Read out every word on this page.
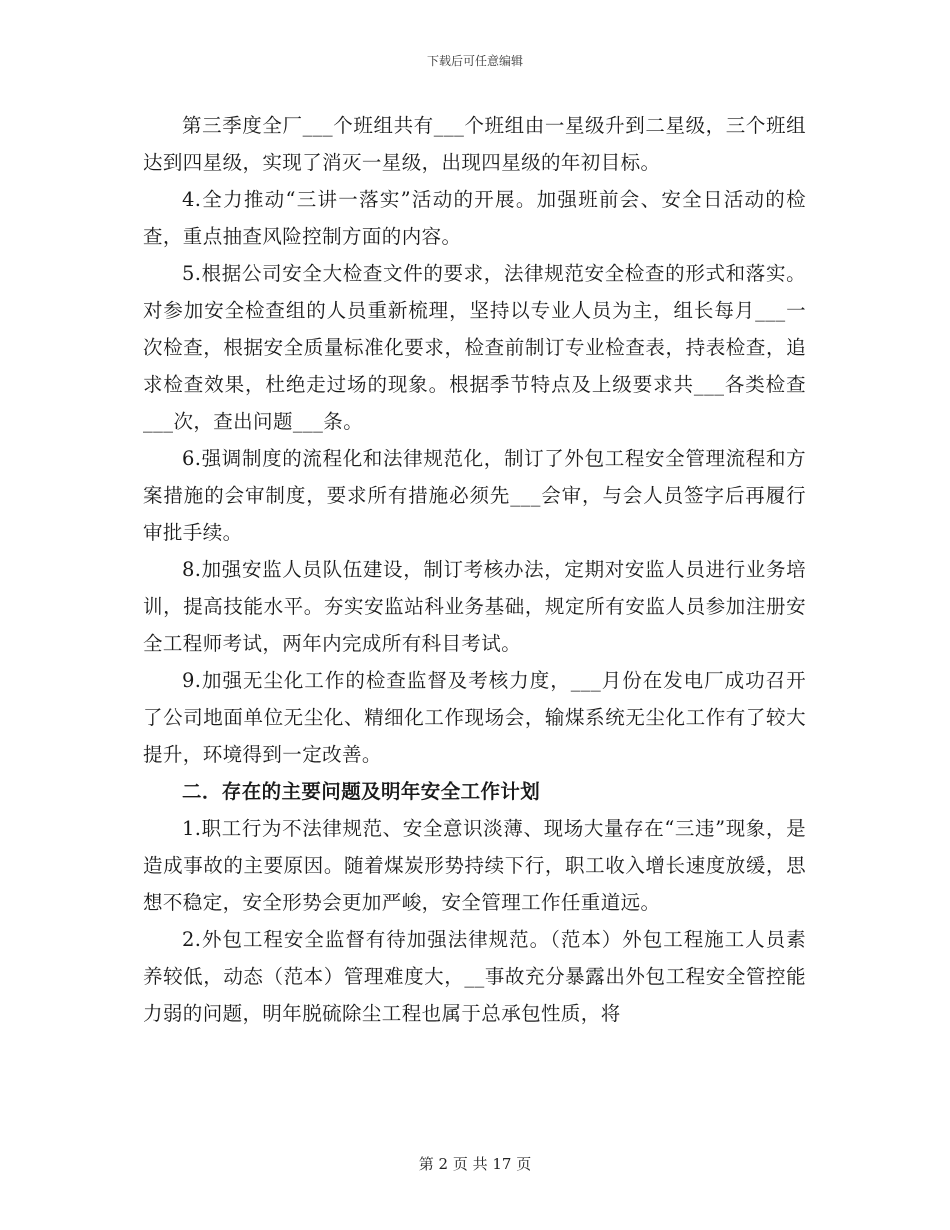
下载后可任意编辑

第三季度全厂___个班组共有___个班组由一星级升到二星级，三个班组达到四星级，实现了消灭一星级，出现四星级的年初目标。

4.全力推动“三讲一落实”活动的开展。加强班前会、安全日活动的检查，重点抽查风险控制方面的内容。

5.根据公司安全大检查文件的要求，法律规范安全检查的形式和落实。对参加安全检查组的人员重新梳理，坚持以专业人员为主，组长每月___一次检查，根据安全质量标准化要求，检查前制订专业检查表，持表检查，追求检查效果，杜绝走过场的现象。根据季节特点及上级要求共___各类检查___次，查出问题___条。

6.强调制度的流程化和法律规范化，制订了外包工程安全管理流程和方案措施的会审制度，要求所有措施必须先___会审，与会人员签字后再履行审批手续。

8.加强安监人员队伍建设，制订考核办法，定期对安监人员进行业务培训，提高技能水平。夯实安监站科业务基础，规定所有安监人员参加注册安全工程师考试，两年内完成所有科目考试。

9.加强无尘化工作的检查监督及考核力度，___月份在发电厂成功召开了公司地面单位无尘化、精细化工作现场会，输煤系统无尘化工作有了较大提升，环境得到一定改善。

二．存在的主要问题及明年安全工作计划

1.职工行为不法律规范、安全意识淡薄、现场大量存在“三违”现象，是造成事故的主要原因。随着煤炭形势持续下行，职工收入增长速度放缓，思想不稳定，安全形势会更加严峻，安全管理工作任重道远。

2.外包工程安全监督有待加强法律规范。（范本）外包工程施工人员素养较低，动态（范本）管理难度大，__事故充分暴露出外包工程安全管控能力弱的问题，明年脱硫除尘工程也属于总承包性质，将

第 2 页 共 17 页
